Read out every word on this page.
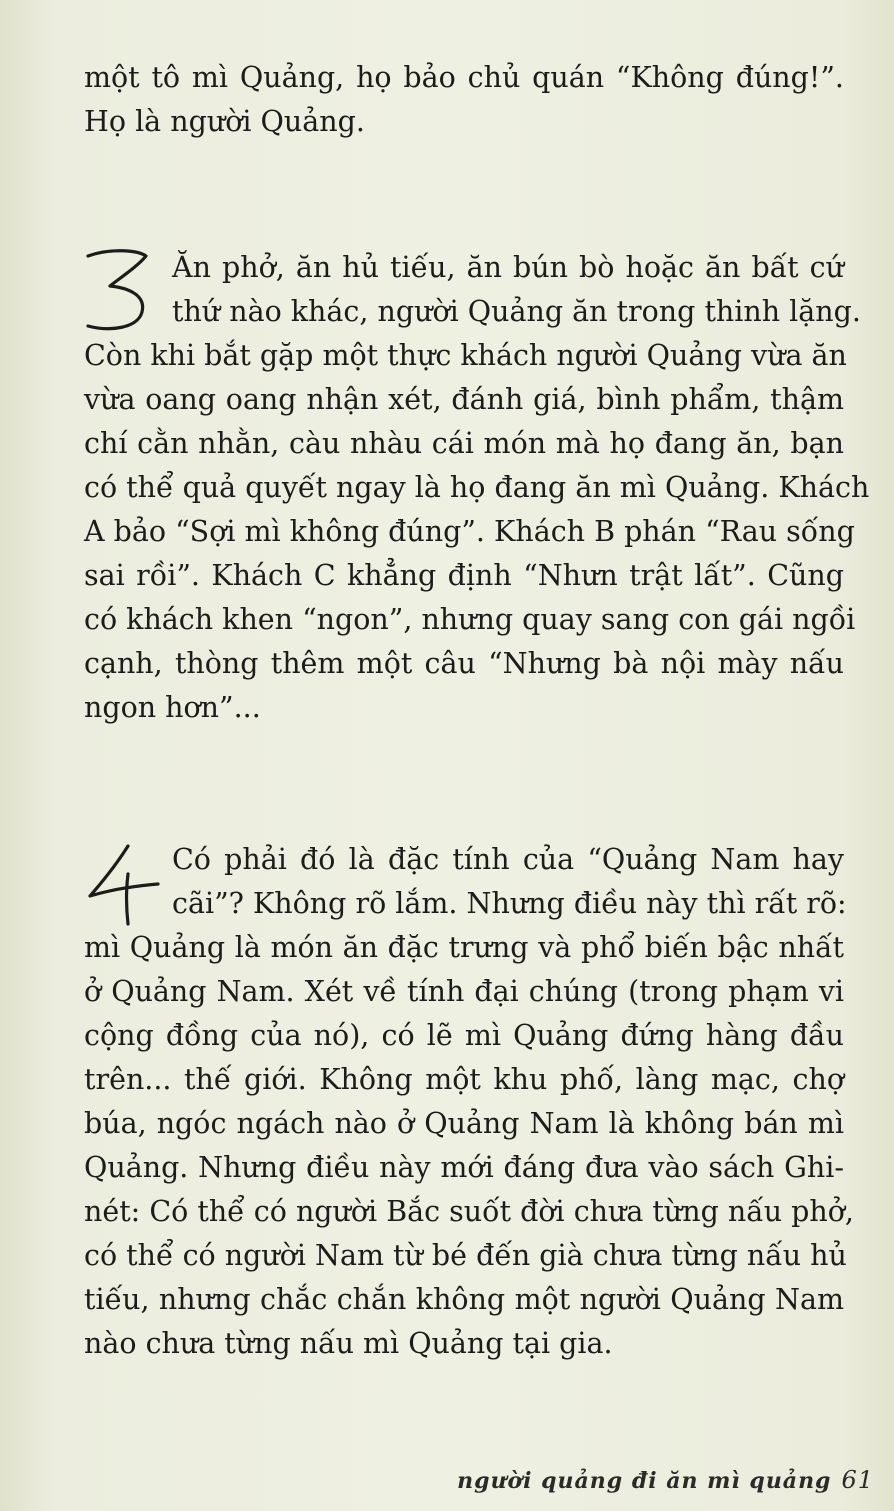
một tô mì Quảng, họ bảo chủ quán “Không đúng!”.
Họ là người Quảng.
3
Ăn phở, ăn hủ tiếu, ăn bún bò hoặc ăn bất cứ
thứ nào khác, người Quảng ăn trong thinh lặng.
Còn khi bắt gặp một thực khách người Quảng vừa ăn
vừa oang oang nhận xét, đánh giá, bình phẩm, thậm
chí cằn nhằn, càu nhàu cái món mà họ đang ăn, bạn
có thể quả quyết ngay là họ đang ăn mì Quảng. Khách
A bảo “Sợi mì không đúng”. Khách B phán “Rau sống
sai rồi”. Khách C khẳng định “Nhưn trật lất”. Cũng
có khách khen “ngon”, nhưng quay sang con gái ngồi
cạnh, thòng thêm một câu “Nhưng bà nội mày nấu
ngon hơn”...
4
Có phải đó là đặc tính của “Quảng Nam hay
cãi”? Không rõ lắm. Nhưng điều này thì rất rõ:
mì Quảng là món ăn đặc trưng và phổ biến bậc nhất
ở Quảng Nam. Xét về tính đại chúng (trong phạm vi
cộng đồng của nó), có lẽ mì Quảng đứng hàng đầu
trên... thế giới. Không một khu phố, làng mạc, chợ
búa, ngóc ngách nào ở Quảng Nam là không bán mì
Quảng. Nhưng điều này mới đáng đưa vào sách Ghi-
nét: Có thể có người Bắc suốt đời chưa từng nấu phở,
có thể có người Nam từ bé đến già chưa từng nấu hủ
tiếu, nhưng chắc chắn không một người Quảng Nam
nào chưa từng nấu mì Quảng tại gia.
người quảng đi ăn mì quảng 61
